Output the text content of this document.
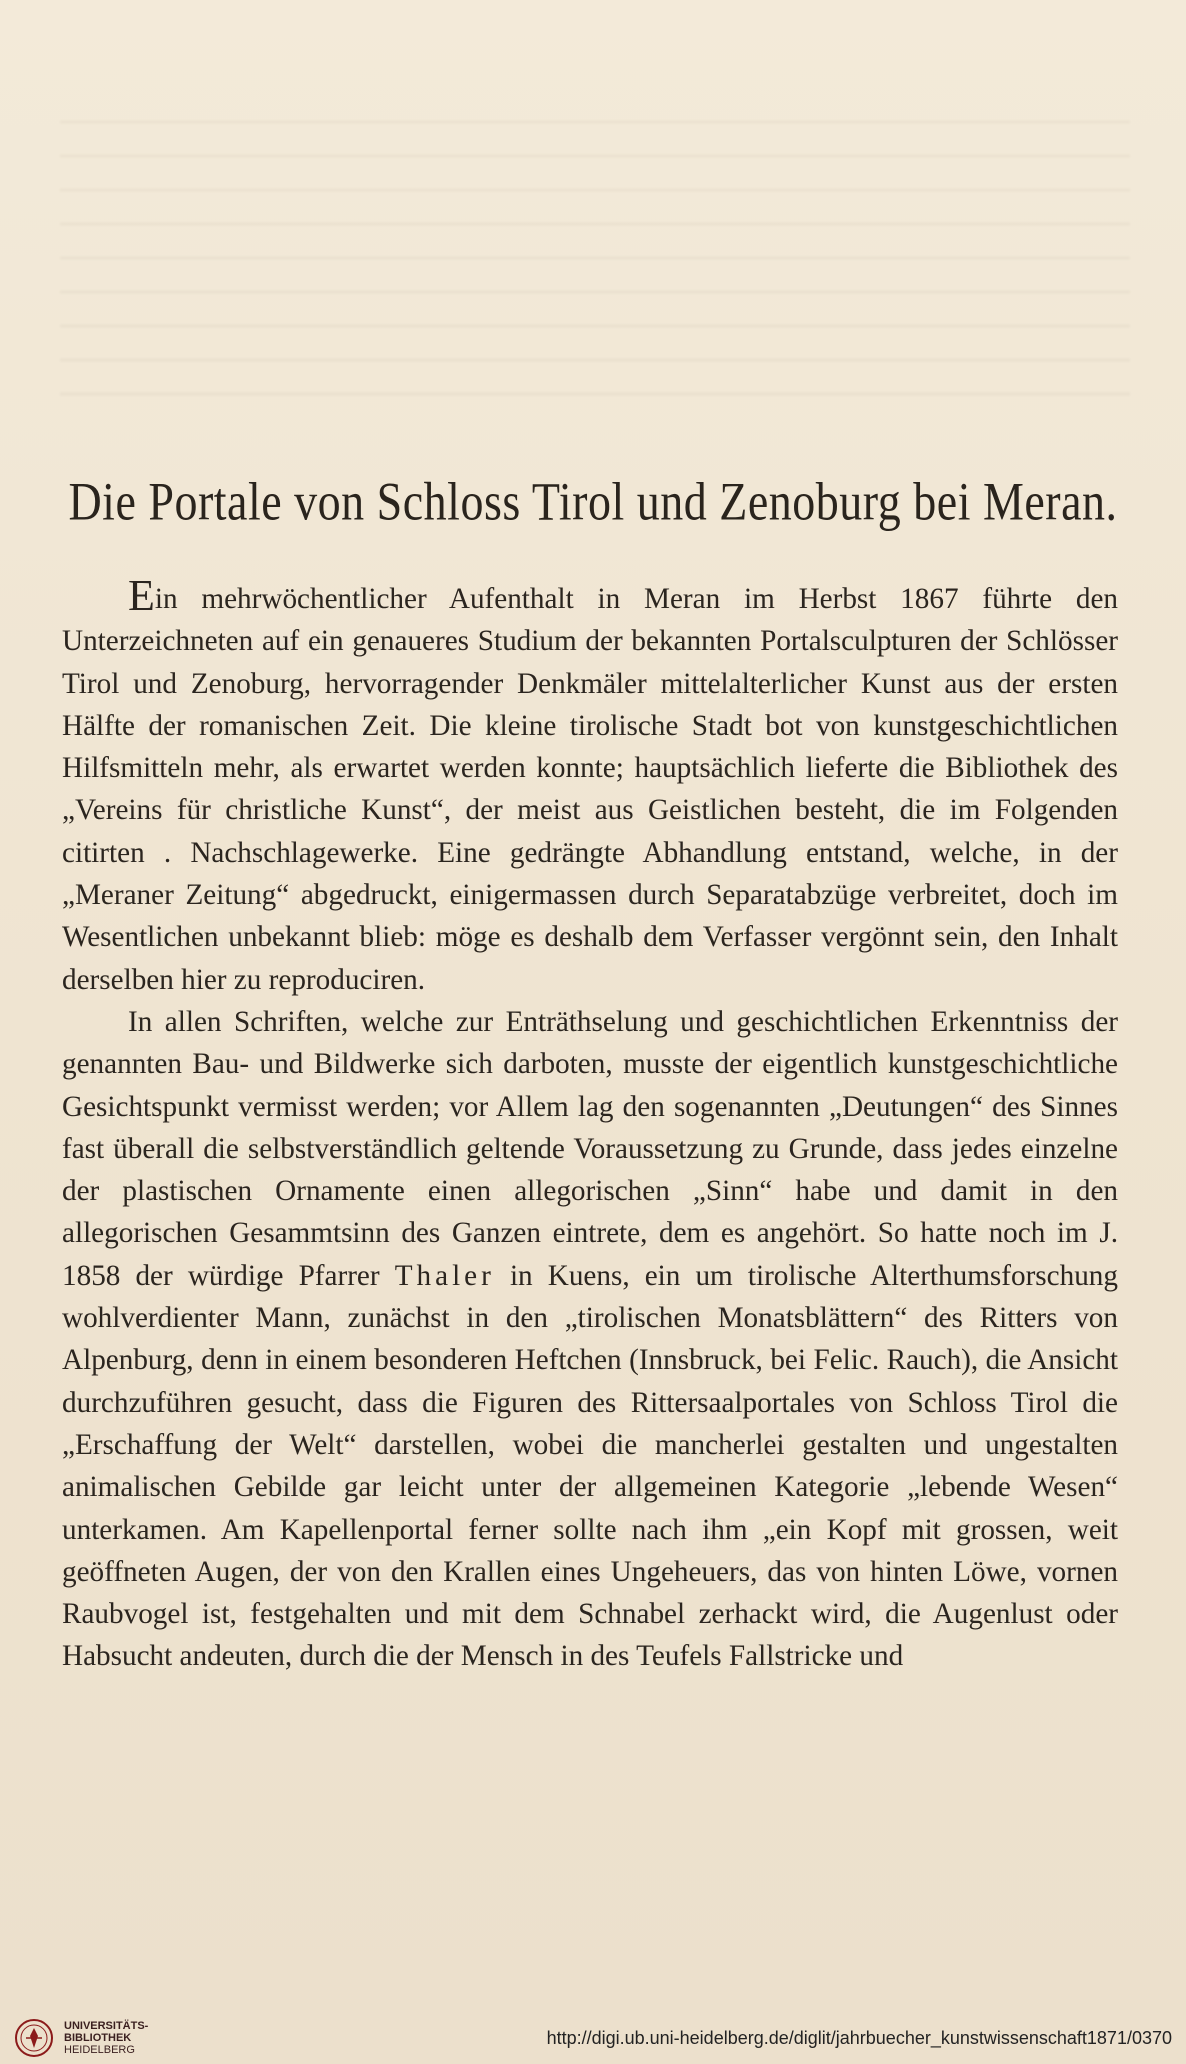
Die Portale von Schloss Tirol und Zenoburg bei Meran.

Ein mehrwöchentlicher Aufenthalt in Meran im Herbst 1867 führte den Unterzeichneten auf ein genaueres Studium der bekannten Portalsculpturen der Schlösser Tirol und Zenoburg, hervorragender Denkmäler mittelalterlicher Kunst aus der ersten Hälfte der romanischen Zeit. Die kleine tirolische Stadt bot von kunstgeschichtlichen Hilfsmitteln mehr, als erwartet werden konnte; hauptsächlich lieferte die Bibliothek des „Vereins für christliche Kunst“, der meist aus Geistlichen besteht, die im Folgenden citirten . Nachschlagewerke. Eine gedrängte Abhandlung entstand, welche, in der „Meraner Zeitung“ abgedruckt, einigermassen durch Separatabzüge verbreitet, doch im Wesentlichen unbekannt blieb: möge es deshalb dem Verfasser vergönnt sein, den Inhalt derselben hier zu reproduciren.

In allen Schriften, welche zur Enträthselung und geschichtlichen Erkenntniss der genannten Bau- und Bildwerke sich darboten, musste der eigentlich kunstgeschichtliche Gesichtspunkt vermisst werden; vor Allem lag den sogenannten „Deutungen“ des Sinnes fast überall die selbstverständlich geltende Voraussetzung zu Grunde, dass jedes einzelne der plastischen Ornamente einen allegorischen „Sinn“ habe und damit in den allegorischen Gesammtsinn des Ganzen eintrete, dem es angehört. So hatte noch im J. 1858 der würdige Pfarrer Thaler in Kuens, ein um tirolische Alterthumsforschung wohlverdienter Mann, zunächst in den „tirolischen Monatsblättern“ des Ritters von Alpenburg, denn in einem besonderen Heftchen (Innsbruck, bei Felic. Rauch), die Ansicht durchzuführen gesucht, dass die Figuren des Rittersaalportales von Schloss Tirol die „Erschaffung der Welt“ darstellen, wobei die mancherlei gestalten und ungestalten animalischen Gebilde gar leicht unter der allgemeinen Kategorie „lebende Wesen“ unterkamen. Am Kapellenportal ferner sollte nach ihm „ein Kopf mit grossen, weit geöffneten Augen, der von den Krallen eines Ungeheuers, das von hinten Löwe, vornen Raubvogel ist, festgehalten und mit dem Schnabel zerhackt wird, die Augenlust oder Habsucht andeuten, durch die der Mensch in des Teufels Fallstricke und

UNIVERSITÄTS-
BIBLIOTHEK
HEIDELBERG
http://digi.ub.uni-heidelberg.de/diglit/jahrbuecher_kunstwissenschaft1871/0370
